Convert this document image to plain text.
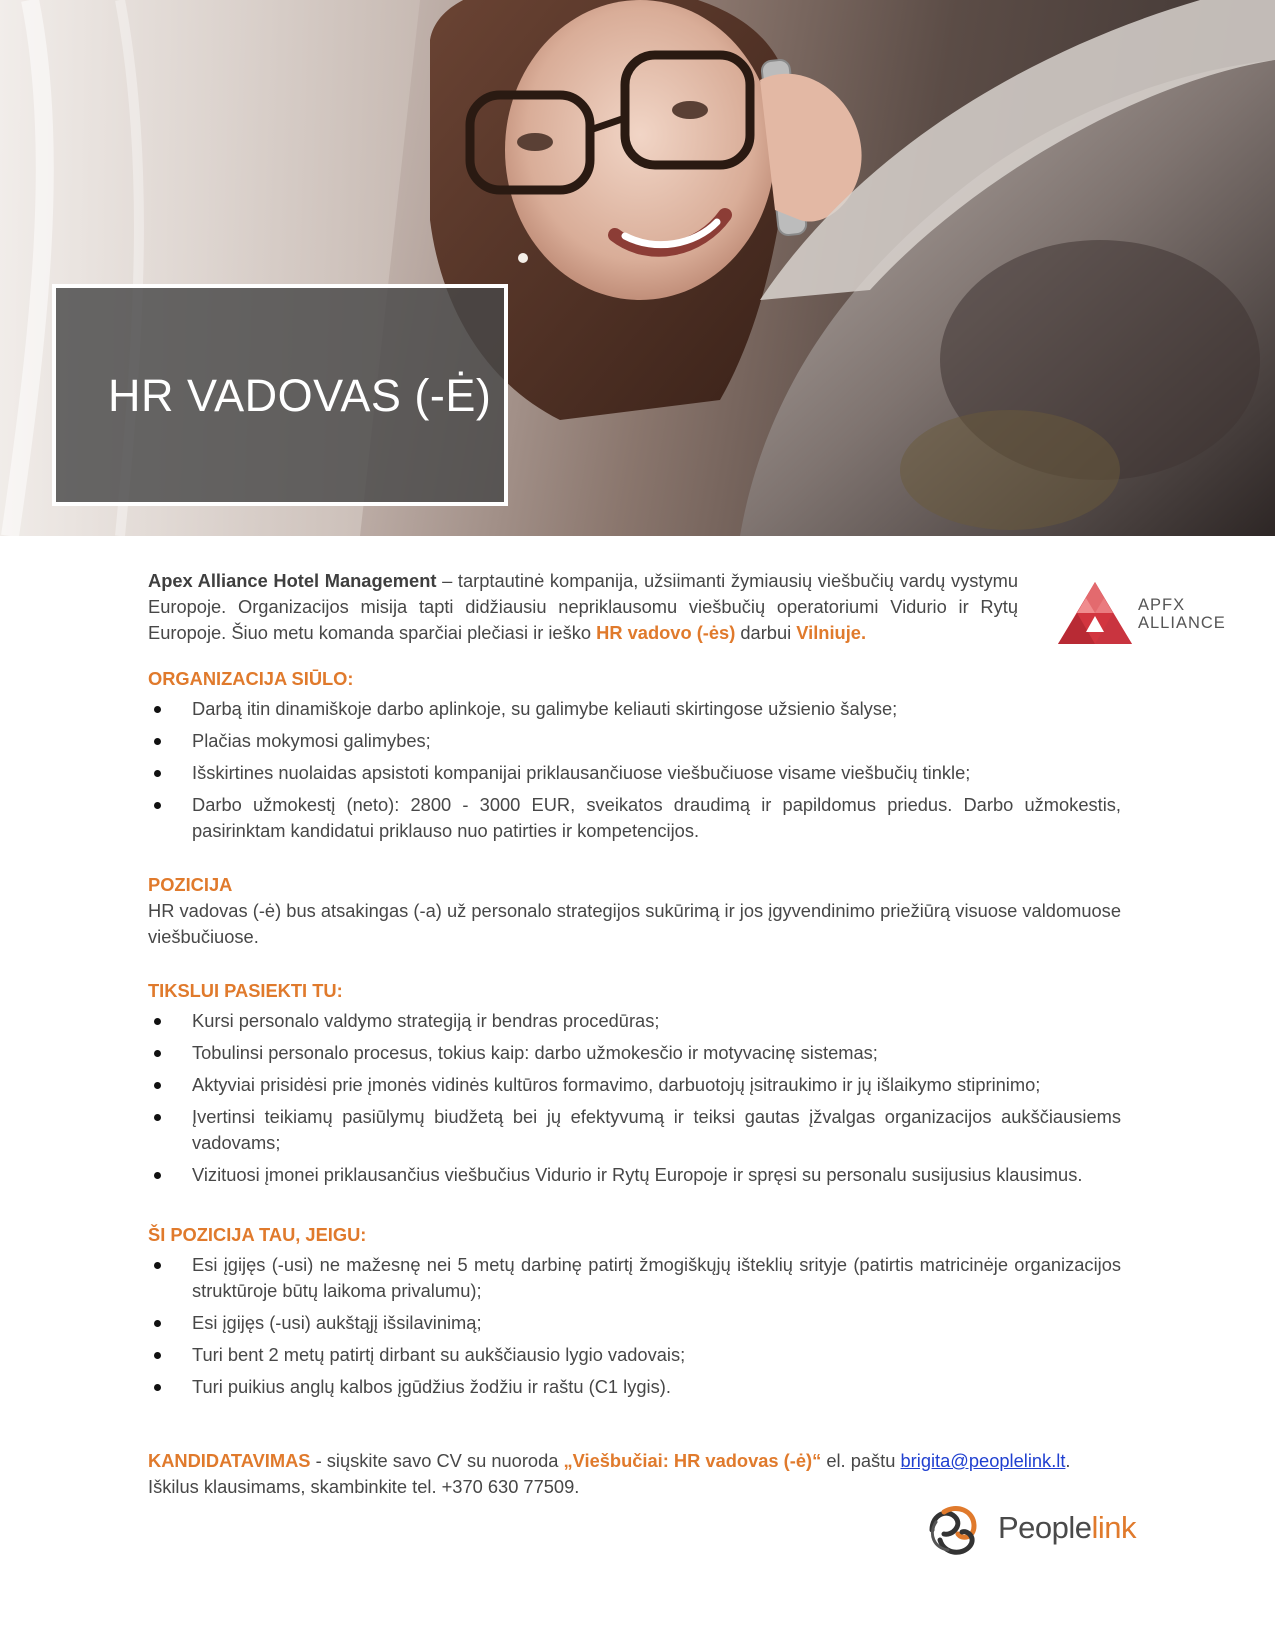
HR VADOVAS (-Ė)
APFX
ALLIANCE

Apex Alliance Hotel Management – tarptautinė kompanija, užsiimanti žymiausių viešbučių vardų vystymu Europoje. Organizacijos misija tapti didžiausiu nepriklausomu viešbučių operatoriumi Vidurio ir Rytų Europoje. Šiuo metu komanda sparčiai plečiasi ir ieško HR vadovo (-ės) darbui Vilniuje.

ORGANIZACIJA SIŪLO:

Darbą itin dinamiškoje darbo aplinkoje, su galimybe keliauti skirtingose užsienio šalyse;
Plačias mokymosi galimybes;
Išskirtines nuolaidas apsistoti kompanijai priklausančiuose viešbučiuose visame viešbučių tinkle;
Darbo užmokestį (neto): 2800 - 3000 EUR, sveikatos draudimą ir papildomus priedus. Darbo užmokestis, pasirinktam kandidatui priklauso nuo patirties ir kompetencijos.

POZICIJA

HR vadovas (-ė) bus atsakingas (-a) už personalo strategijos sukūrimą ir jos įgyvendinimo priežiūrą visuose valdomuose viešbučiuose.

TIKSLUI PASIEKTI TU:

Kursi personalo valdymo strategiją ir bendras procedūras;
Tobulinsi personalo procesus, tokius kaip: darbo užmokesčio ir motyvacinę sistemas;
Aktyviai prisidėsi prie įmonės vidinės kultūros formavimo, darbuotojų įsitraukimo ir jų išlaikymo stiprinimo;
Įvertinsi teikiamų pasiūlymų biudžetą bei jų efektyvumą ir teiksi gautas įžvalgas organizacijos aukščiausiems vadovams;
Vizituosi įmonei priklausančius viešbučius Vidurio ir Rytų Europoje ir spręsi su personalu susijusius klausimus.

ŠI POZICIJA TAU, JEIGU:

Esi įgijęs (-usi) ne mažesnę nei 5 metų darbinę patirtį žmogiškųjų išteklių srityje (patirtis matricinėje organizacijos struktūroje būtų laikoma privalumu);
Esi įgijęs (-usi) aukštąjį išsilavinimą;
Turi bent 2 metų patirtį dirbant su aukščiausio lygio vadovais;
Turi puikius anglų kalbos įgūdžius žodžiu ir raštu (C1 lygis).

KANDIDATAVIMAS - siųskite savo CV su nuoroda „Viešbučiai: HR vadovas (-ė)“ el. paštu brigita@peoplelink.lt.
Iškilus klausimams, skambinkite tel. +370 630 77509.

Peoplelink
